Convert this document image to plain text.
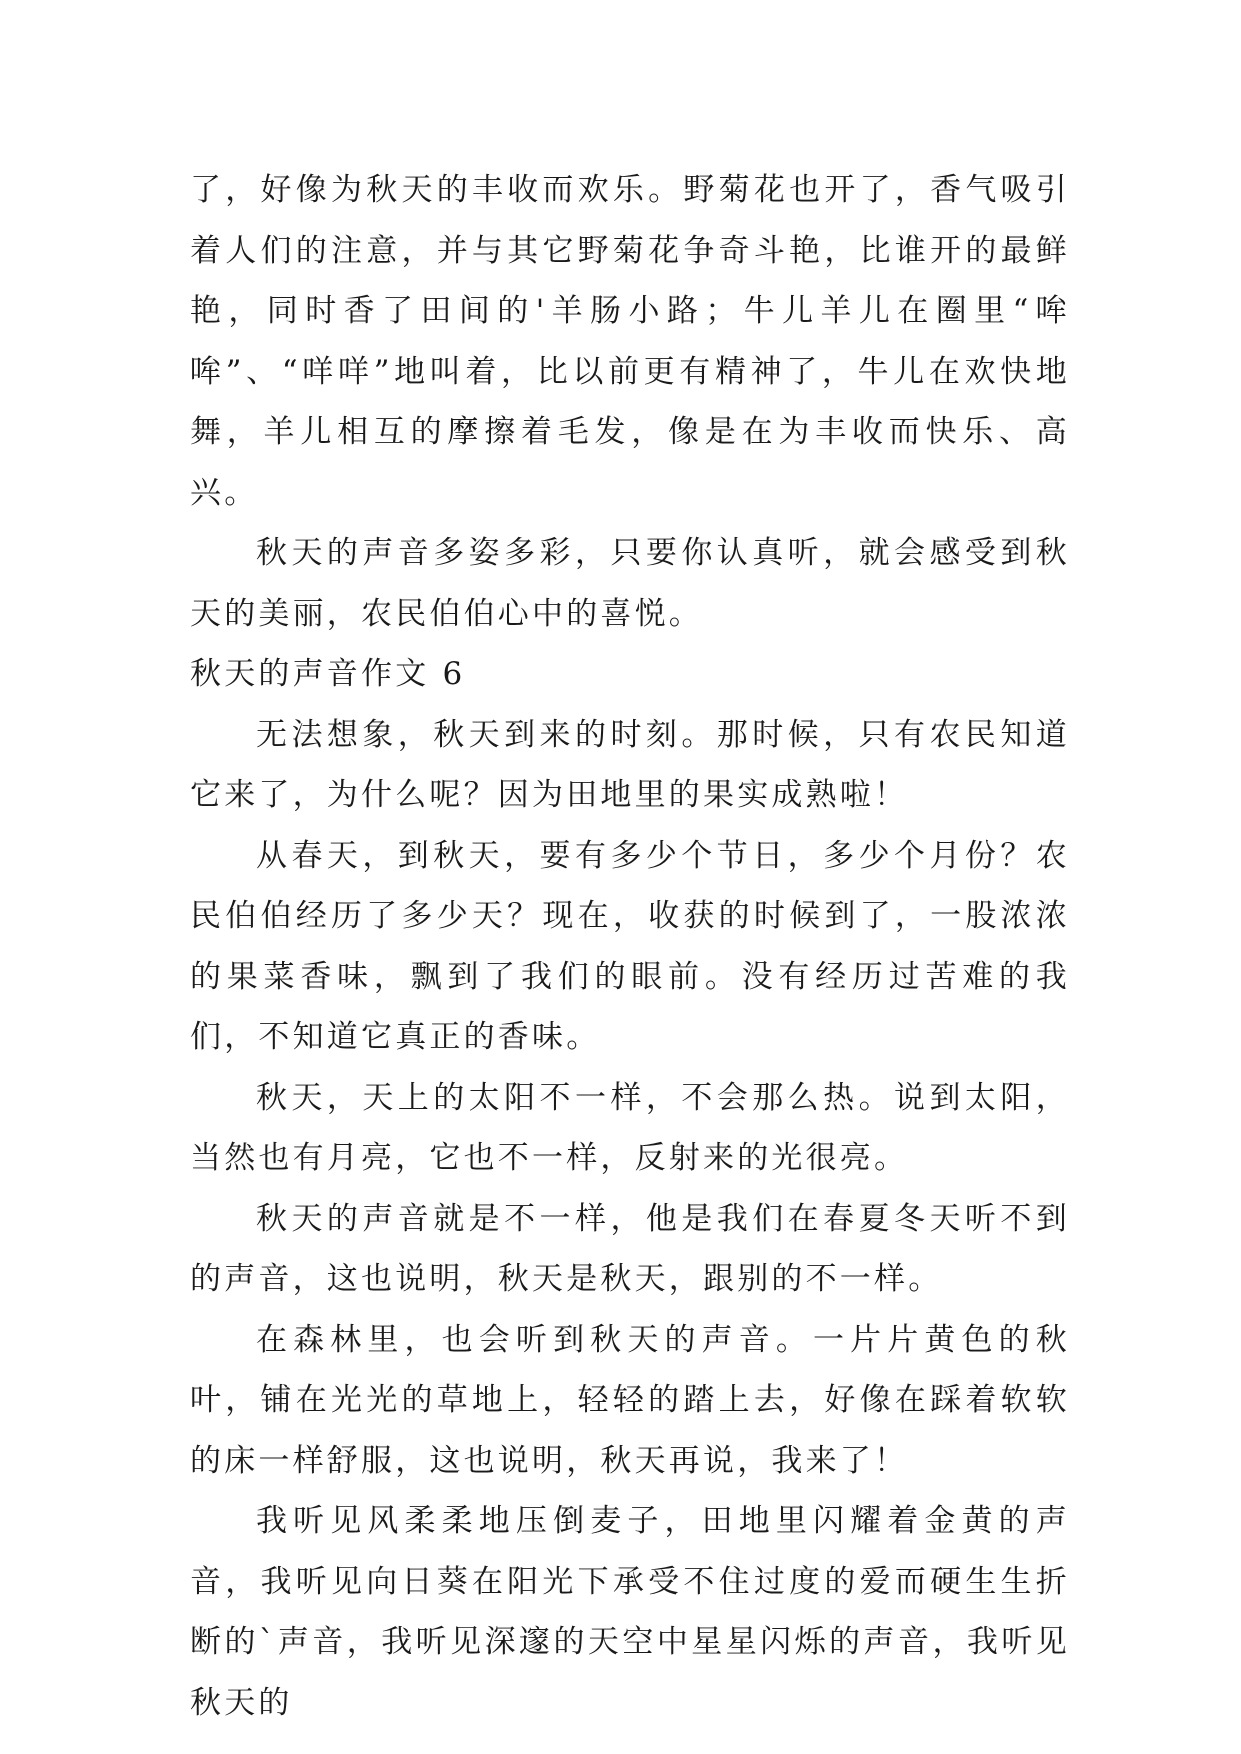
了，好像为秋天的丰收而欢乐。野菊花也开了，香气吸引着人们的注意，并与其它野菊花争奇斗艳，比谁开的最鲜艳，同时香了田间的'羊肠小路；牛儿羊儿在圈里“哞哞”、“咩咩”地叫着，比以前更有精神了，牛儿在欢快地舞，羊儿相互的摩擦着毛发，像是在为丰收而快乐、高兴。

秋天的声音多姿多彩，只要你认真听，就会感受到秋天的美丽，农民伯伯心中的喜悦。

秋天的声音作文 6

无法想象，秋天到来的时刻。那时候，只有农民知道它来了，为什么呢？因为田地里的果实成熟啦！

从春天，到秋天，要有多少个节日，多少个月份？农民伯伯经历了多少天？现在，收获的时候到了，一股浓浓的果菜香味，飘到了我们的眼前。没有经历过苦难的我们，不知道它真正的香味。

秋天，天上的太阳不一样，不会那么热。说到太阳，当然也有月亮，它也不一样，反射来的光很亮。

秋天的声音就是不一样，他是我们在春夏冬天听不到的声音，这也说明，秋天是秋天，跟别的不一样。

在森林里，也会听到秋天的声音。一片片黄色的秋叶，铺在光光的草地上，轻轻的踏上去，好像在踩着软软的床一样舒服，这也说明，秋天再说，我来了！

我听见风柔柔地压倒麦子，田地里闪耀着金黄的声音，我听见向日葵在阳光下承受不住过度的爱而硬生生折断的`声音，我听见深邃的天空中星星闪烁的声音，我听见秋天的
